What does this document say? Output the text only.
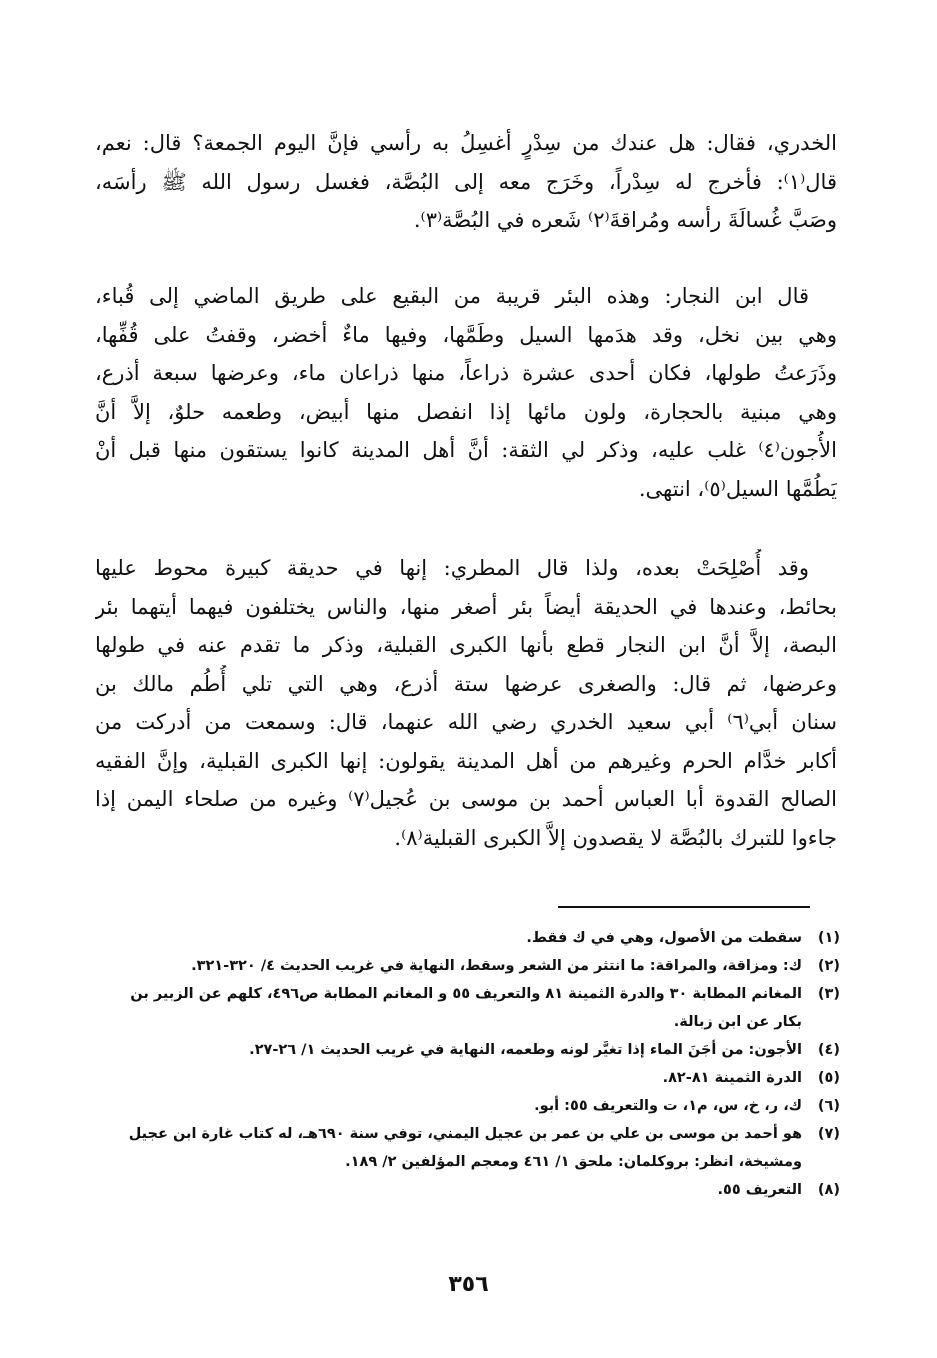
الخدري، فقال: هل عندك من سِدْرٍ أغسِلُ به رأسي فإنَّ اليوم الجمعة؟ قال: نعم،
قال⁽١⁾: فأخرج له سِدْراً، وخَرَج معه إلى البُصَّة، فغسل رسول الله ﷺ رأسَه،
وصَبَّ غُسالَةَ رأسه ومُراقةَ⁽٢⁾ شَعره في البُصَّة⁽٣⁾.
قال ابن النجار: وهذه البئر قريبة من البقيع على طريق الماضي إلى قُباء،
وهي بين نخل، وقد هدَمها السيل وطَمَّها، وفيها ماءٌ أخضر، وقفتُ على قُفِّها،
وذَرَعتُ طولها، فكان أحدى عشرة ذراعاً، منها ذراعان ماء، وعرضها سبعة أذرع،
وهي مبنية بالحجارة، ولون مائها إذا انفصل منها أبيض، وطعمه حلوٌ، إلاَّ أنَّ
الأُجون⁽٤⁾ غلب عليه، وذكر لي الثقة: أنَّ أهل المدينة كانوا يستقون منها قبل أنْ
يَطُمَّها السيل⁽٥⁾، انتهى.
وقد أُصْلِحَتْ بعده، ولذا قال المطري: إنها في حديقة كبيرة محوط عليها
بحائط، وعندها في الحديقة أيضاً بئر أصغر منها، والناس يختلفون فيهما أيتهما بئر
البصة، إلاَّ أنَّ ابن النجار قطع بأنها الكبرى القبلية، وذكر ما تقدم عنه في طولها
وعرضها، ثم قال: والصغرى عرضها ستة أذرع، وهي التي تلي أُطُم مالك بن
سنان أبي⁽٦⁾ أبي سعيد الخدري رضي الله عنهما، قال: وسمعت من أدركت من
أكابر خدَّام الحرم وغيرهم من أهل المدينة يقولون: إنها الكبرى القبلية، وإنَّ الفقيه
الصالح القدوة أبا العباس أحمد بن موسى بن عُجيل⁽٧⁾ وغيره من صلحاء اليمن إذا
جاءوا للتبرك بالبُصَّة لا يقصدون إلاَّ الكبرى القبلية⁽٨⁾.
(١)
سقطت من الأصول، وهي في ك فقط.
(٢)
ك: ومزاقة، والمراقة: ما انتثر من الشعر وسقط، النهاية في غريب الحديث ٤/ ٣٢٠-٣٢١.
(٣)
المغانم المطابة ٣٠ والدرة الثمينة ٨١ والتعريف ٥٥ و المغانم المطابة ص٤٩٦، كلهم عن الزبير بن
بكار عن ابن زبالة.
(٤)
الأجون: من أجَنَ الماء إذا تغيَّر لونه وطعمه، النهاية في غريب الحديث ١/ ٢٦-٢٧.
(٥)
الدرة الثمينة ٨١-٨٢.
(٦)
ك، ر، خ، س، م١، ت والتعريف ٥٥: أبو.
(٧)
هو أحمد بن موسى بن علي بن عمر بن عجيل اليمني، توفي سنة ٦٩٠هـ، له كتاب غارة ابن عجيل
ومشيخة، انظر: بروكلمان: ملحق ١/ ٤٦١ ومعجم المؤلفين ٢/ ١٨٩.
(٨)
التعريف ٥٥.
٣٥٦
